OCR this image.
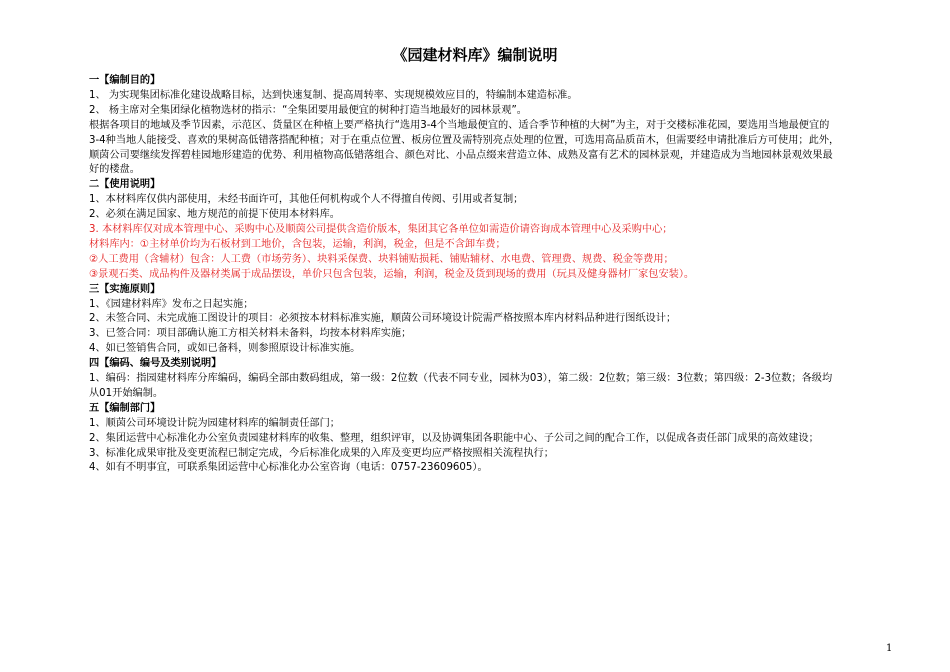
《园建材料库》编制说明
一【编制目的】
1、 为实现集团标准化建设战略目标，达到快速复制、提高周转率、实现规模效应目的，特编制本建造标准。
2、 杨主席对全集团绿化植物选材的指示：“全集团要用最便宜的树种打造当地最好的园林景观”。
根据各项目的地域及季节因素，示范区、货量区在种植上要严格执行“选用3-4个当地最便宜的、适合季节种植的大树”为主，对于交楼标准花园，要选用当地最便宜的
3-4种当地人能接受、喜欢的果树高低错落搭配种植；对于在重点位置、板房位置及需特别亮点处理的位置，可选用高品质苗木，但需要经申请批准后方可使用；此外，
顺茵公司要继续发挥碧桂园地形建造的优势、利用植物高低错落组合、颜色对比、小品点缀来营造立体、成熟及富有艺术的园林景观，并建造成为当地园林景观效果最
好的楼盘。
二【使用说明】
1、本材料库仅供内部使用，未经书面许可，其他任何机构或个人不得擅自传阅、引用或者复制；
2、必须在满足国家、地方规范的前提下使用本材料库。
3. 本材料库仅对成本管理中心、采购中心及顺茵公司提供含造价版本，集团其它各单位如需造价请咨询成本管理中心及采购中心；
材料库内：①主材单价均为石板材到工地价，含包装，运输，利润，税金，但是不含卸车费；
②人工费用（含辅材）包含：人工费（市场劳务）、块料采保费、块料铺贴损耗、铺贴辅材、水电费、管理费、规费、税金等费用；
③景观石类、成品构件及器材类属于成品摆设，单价只包含包装，运输，利润，税金及货到现场的费用（玩具及健身器材厂家包安装）。
三【实施原则】
1、《园建材料库》发布之日起实施；
2、未签合同、未完成施工图设计的项目：必须按本材料标准实施，顺茵公司环境设计院需严格按照本库内材料品种进行图纸设计；
3、已签合同：项目部确认施工方相关材料未备料，均按本材料库实施；
4、如已签销售合同，或如已备料，则参照原设计标准实施。
四【编码、编号及类别说明】
1、编码：指园建材料库分库编码，编码全部由数码组成，第一级：2位数（代表不同专业，园林为03），第二级：2位数；第三级：3位数；第四级：2-3位数；各级均
从01开始编制。
五【编制部门】
1、顺茵公司环境设计院为园建材料库的编制责任部门；
2、集团运营中心标准化办公室负责园建材料库的收集、整理，组织评审，以及协调集团各职能中心、子公司之间的配合工作，以促成各责任部门成果的高效建设；
3、标准化成果审批及变更流程已制定完成，今后标准化成果的入库及变更均应严格按照相关流程执行；
4、如有不明事宜，可联系集团运营中心标准化办公室咨询（电话：0757-23609605）。
1
